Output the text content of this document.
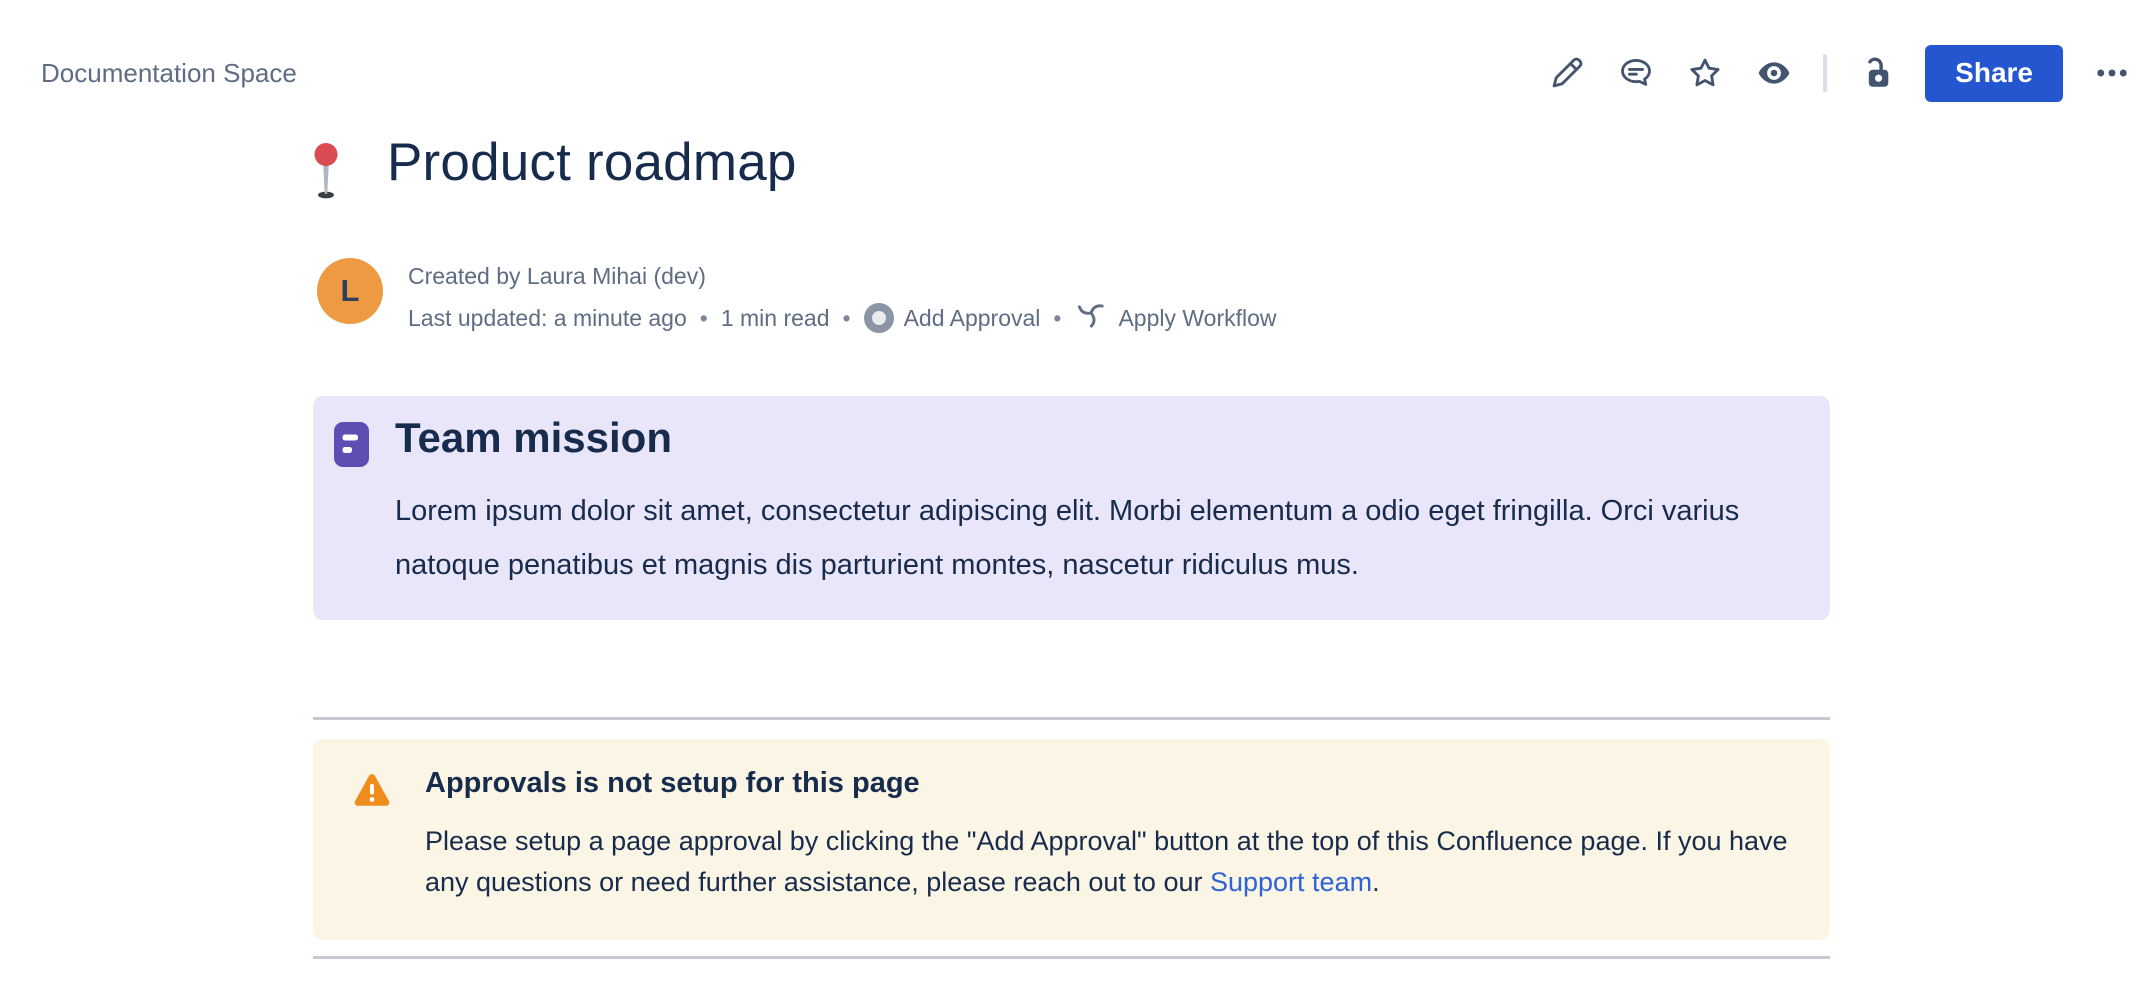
Documentation Space	Share
Product roadmap
L	Created by Laura Mihai (dev)
Last updated: a minute ago • 1 min read • Add Approval • Apply Workflow
Team mission
Lorem ipsum dolor sit amet, consectetur adipiscing elit. Morbi elementum a odio eget fringilla. Orci varius natoque penatibus et magnis dis parturient montes, nascetur ridiculus mus.
Approvals is not setup for this page
Please setup a page approval by clicking the "Add Approval" button at the top of this Confluence page. If you have any questions or need further assistance, please reach out to our Support team.
